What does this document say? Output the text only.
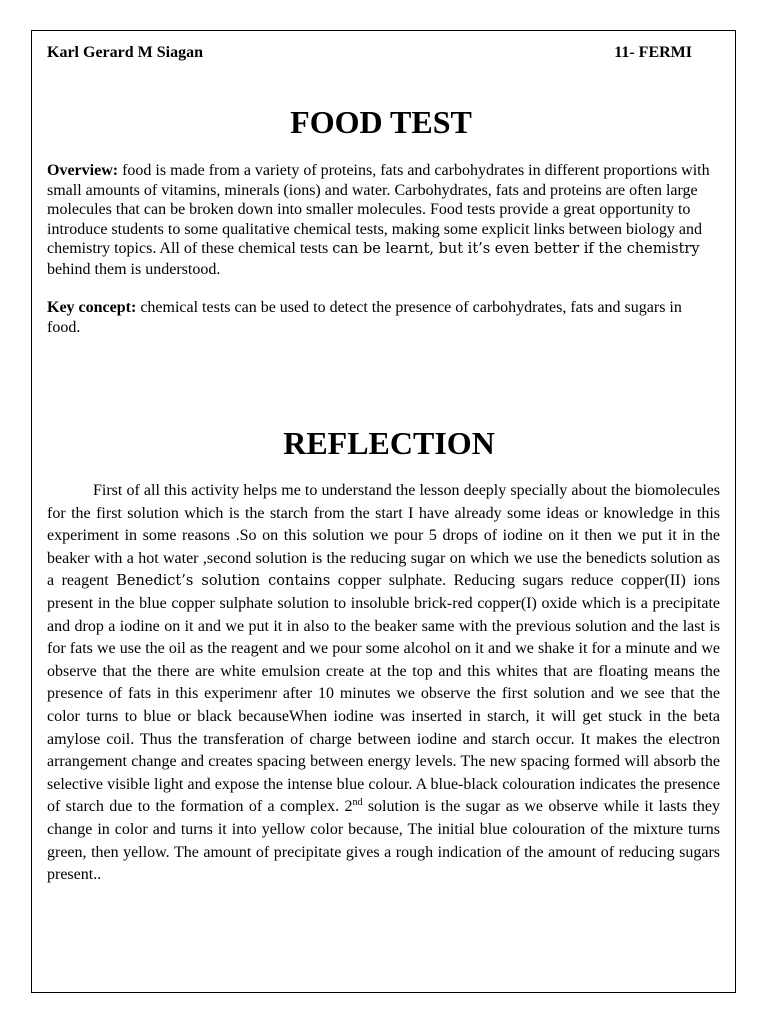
Karl Gerard M Siagan	11- FERMI
FOOD TEST
Overview: food is made from a variety of proteins, fats and carbohydrates in different proportions with small amounts of vitamins, minerals (ions) and water. Carbohydrates, fats and proteins are often large molecules that can be broken down into smaller molecules. Food tests provide a great opportunity to introduce students to some qualitative chemical tests, making some explicit links between biology and chemistry topics. All of these chemical tests can be learnt, but it’s even better if the chemistry behind them is understood.
Key concept: chemical tests can be used to detect the presence of carbohydrates, fats and sugars in food.
REFLECTION
First of all this activity helps me to understand the lesson deeply specially about the biomolecules for the first solution which is the starch from the start I have already some ideas or knowledge in this experiment in some reasons .So on this solution we pour 5 drops of iodine on it then we put it in the beaker with a hot water ,second solution is the reducing sugar on which we use the benedicts solution as a reagent Benedict’s solution contains copper sulphate. Reducing sugars reduce copper(II) ions present in the blue copper sulphate solution to insoluble brick-red copper(I) oxide which is a precipitate and drop a iodine on it and we put it in also to the beaker same with the previous solution and the last is for fats we use the oil as the reagent and we pour some alcohol on it and we shake it for a minute and we observe that the there are white emulsion create at the top and this whites that are floating means the presence of fats in this experimenr after 10 minutes we observe the first solution and we see that the color turns to blue or black becauseWhen iodine was inserted in starch, it will get stuck in the beta amylose coil. Thus the transferation of charge between iodine and starch occur. It makes the electron arrangement change and creates spacing between energy levels. The new spacing formed will absorb the selective visible light and expose the intense blue colour. A blue-black colouration indicates the presence of starch due to the formation of a complex. 2nd solution is the sugar as we observe while it lasts they change in color and turns it into yellow color because, The initial blue colouration of the mixture turns green, then yellow. The amount of precipitate gives a rough indication of the amount of reducing sugars present..
